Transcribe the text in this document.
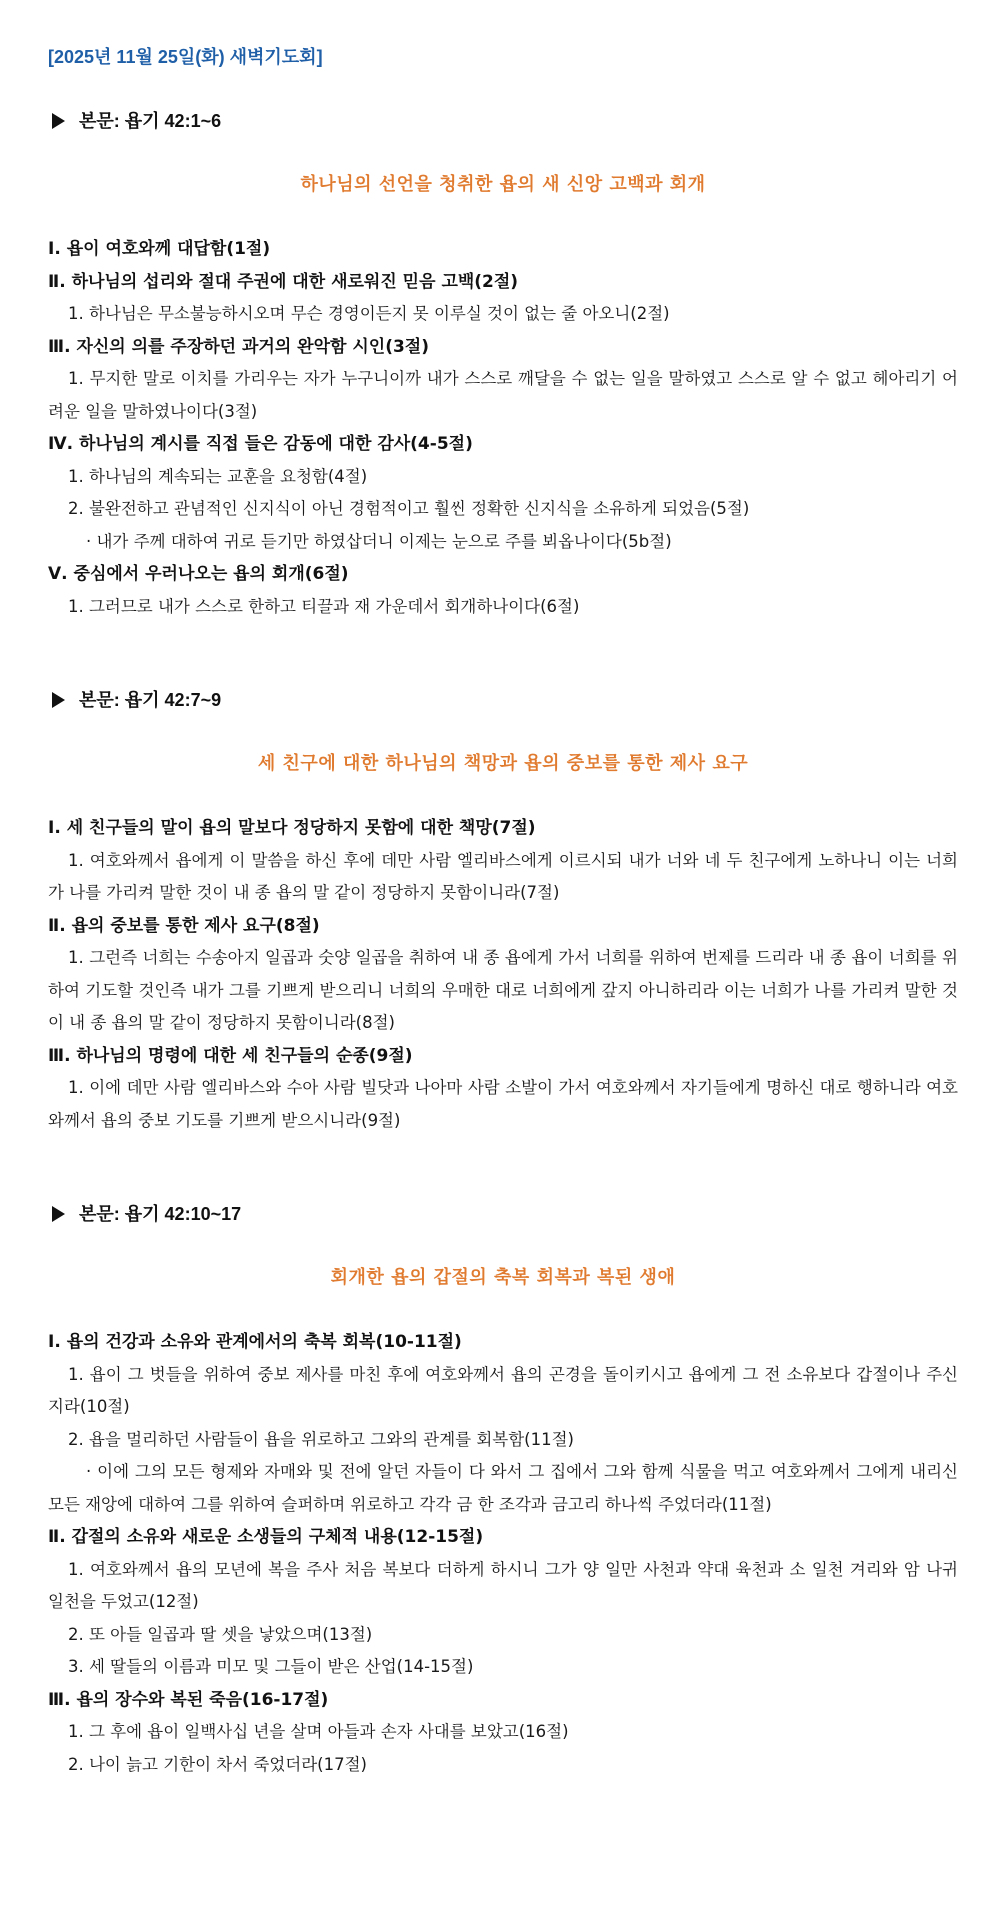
[2025년 11월 25일(화) 새벽기도회]
본문: 욥기 42:1~6
하나님의 선언을 청취한 욥의 새 신앙 고백과 회개
Ⅰ. 욥이 여호와께 대답함(1절)
Ⅱ. 하나님의 섭리와 절대 주권에 대한 새로워진 믿음 고백(2절)
1. 하나님은 무소불능하시오며 무슨 경영이든지 못 이루실 것이 없는 줄 아오니(2절)
Ⅲ. 자신의 의를 주장하던 과거의 완악함 시인(3절)
1. 무지한 말로 이치를 가리우는 자가 누구니이까 내가 스스로 깨달을 수 없는 일을 말하였고 스스로 알 수 없고 헤아리기 어려운 일을 말하였나이다(3절)
Ⅳ. 하나님의 계시를 직접 들은 감동에 대한 감사(4-5절)
1. 하나님의 계속되는 교훈을 요청함(4절)
2. 불완전하고 관념적인 신지식이 아닌 경험적이고 훨씬 정확한 신지식을 소유하게 되었음(5절)
· 내가 주께 대하여 귀로 듣기만 하였삽더니 이제는 눈으로 주를 뵈옵나이다(5b절)
Ⅴ. 중심에서 우러나오는 욥의 회개(6절)
1. 그러므로 내가 스스로 한하고 티끌과 재 가운데서 회개하나이다(6절)
본문: 욥기 42:7~9
세 친구에 대한 하나님의 책망과 욥의 중보를 통한 제사 요구
Ⅰ. 세 친구들의 말이 욥의 말보다 정당하지 못함에 대한 책망(7절)
1. 여호와께서 욥에게 이 말씀을 하신 후에 데만 사람 엘리바스에게 이르시되 내가 너와 네 두 친구에게 노하나니 이는 너희가 나를 가리켜 말한 것이 내 종 욥의 말 같이 정당하지 못함이니라(7절)
Ⅱ. 욥의 중보를 통한 제사 요구(8절)
1. 그런즉 너희는 수송아지 일곱과 숫양 일곱을 취하여 내 종 욥에게 가서 너희를 위하여 번제를 드리라 내 종 욥이 너희를 위하여 기도할 것인즉 내가 그를 기쁘게 받으리니 너희의 우매한 대로 너희에게 갚지 아니하리라 이는 너희가 나를 가리켜 말한 것이 내 종 욥의 말 같이 정당하지 못함이니라(8절)
Ⅲ. 하나님의 명령에 대한 세 친구들의 순종(9절)
1. 이에 데만 사람 엘리바스와 수아 사람 빌닷과 나아마 사람 소발이 가서 여호와께서 자기들에게 명하신 대로 행하니라 여호와께서 욥의 중보 기도를 기쁘게 받으시니라(9절)
본문: 욥기 42:10~17
회개한 욥의 갑절의 축복 회복과 복된 생애
Ⅰ. 욥의 건강과 소유와 관계에서의 축복 회복(10-11절)
1. 욥이 그 벗들을 위하여 중보 제사를 마친 후에 여호와께서 욥의 곤경을 돌이키시고 욥에게 그 전 소유보다 갑절이나 주신지라(10절)
2. 욥을 멀리하던 사람들이 욥을 위로하고 그와의 관계를 회복함(11절)
· 이에 그의 모든 형제와 자매와 및 전에 알던 자들이 다 와서 그 집에서 그와 함께 식물을 먹고 여호와께서 그에게 내리신 모든 재앙에 대하여 그를 위하여 슬퍼하며 위로하고 각각 금 한 조각과 금고리 하나씩 주었더라(11절)
Ⅱ. 갑절의 소유와 새로운 소생들의 구체적 내용(12-15절)
1. 여호와께서 욥의 모년에 복을 주사 처음 복보다 더하게 하시니 그가 양 일만 사천과 약대 육천과 소 일천 겨리와 암 나귀 일천을 두었고(12절)
2. 또 아들 일곱과 딸 셋을 낳았으며(13절)
3. 세 딸들의 이름과 미모 및 그들이 받은 산업(14-15절)
Ⅲ. 욥의 장수와 복된 죽음(16-17절)
1. 그 후에 욥이 일백사십 년을 살며 아들과 손자 사대를 보았고(16절)
2. 나이 늙고 기한이 차서 죽었더라(17절)
